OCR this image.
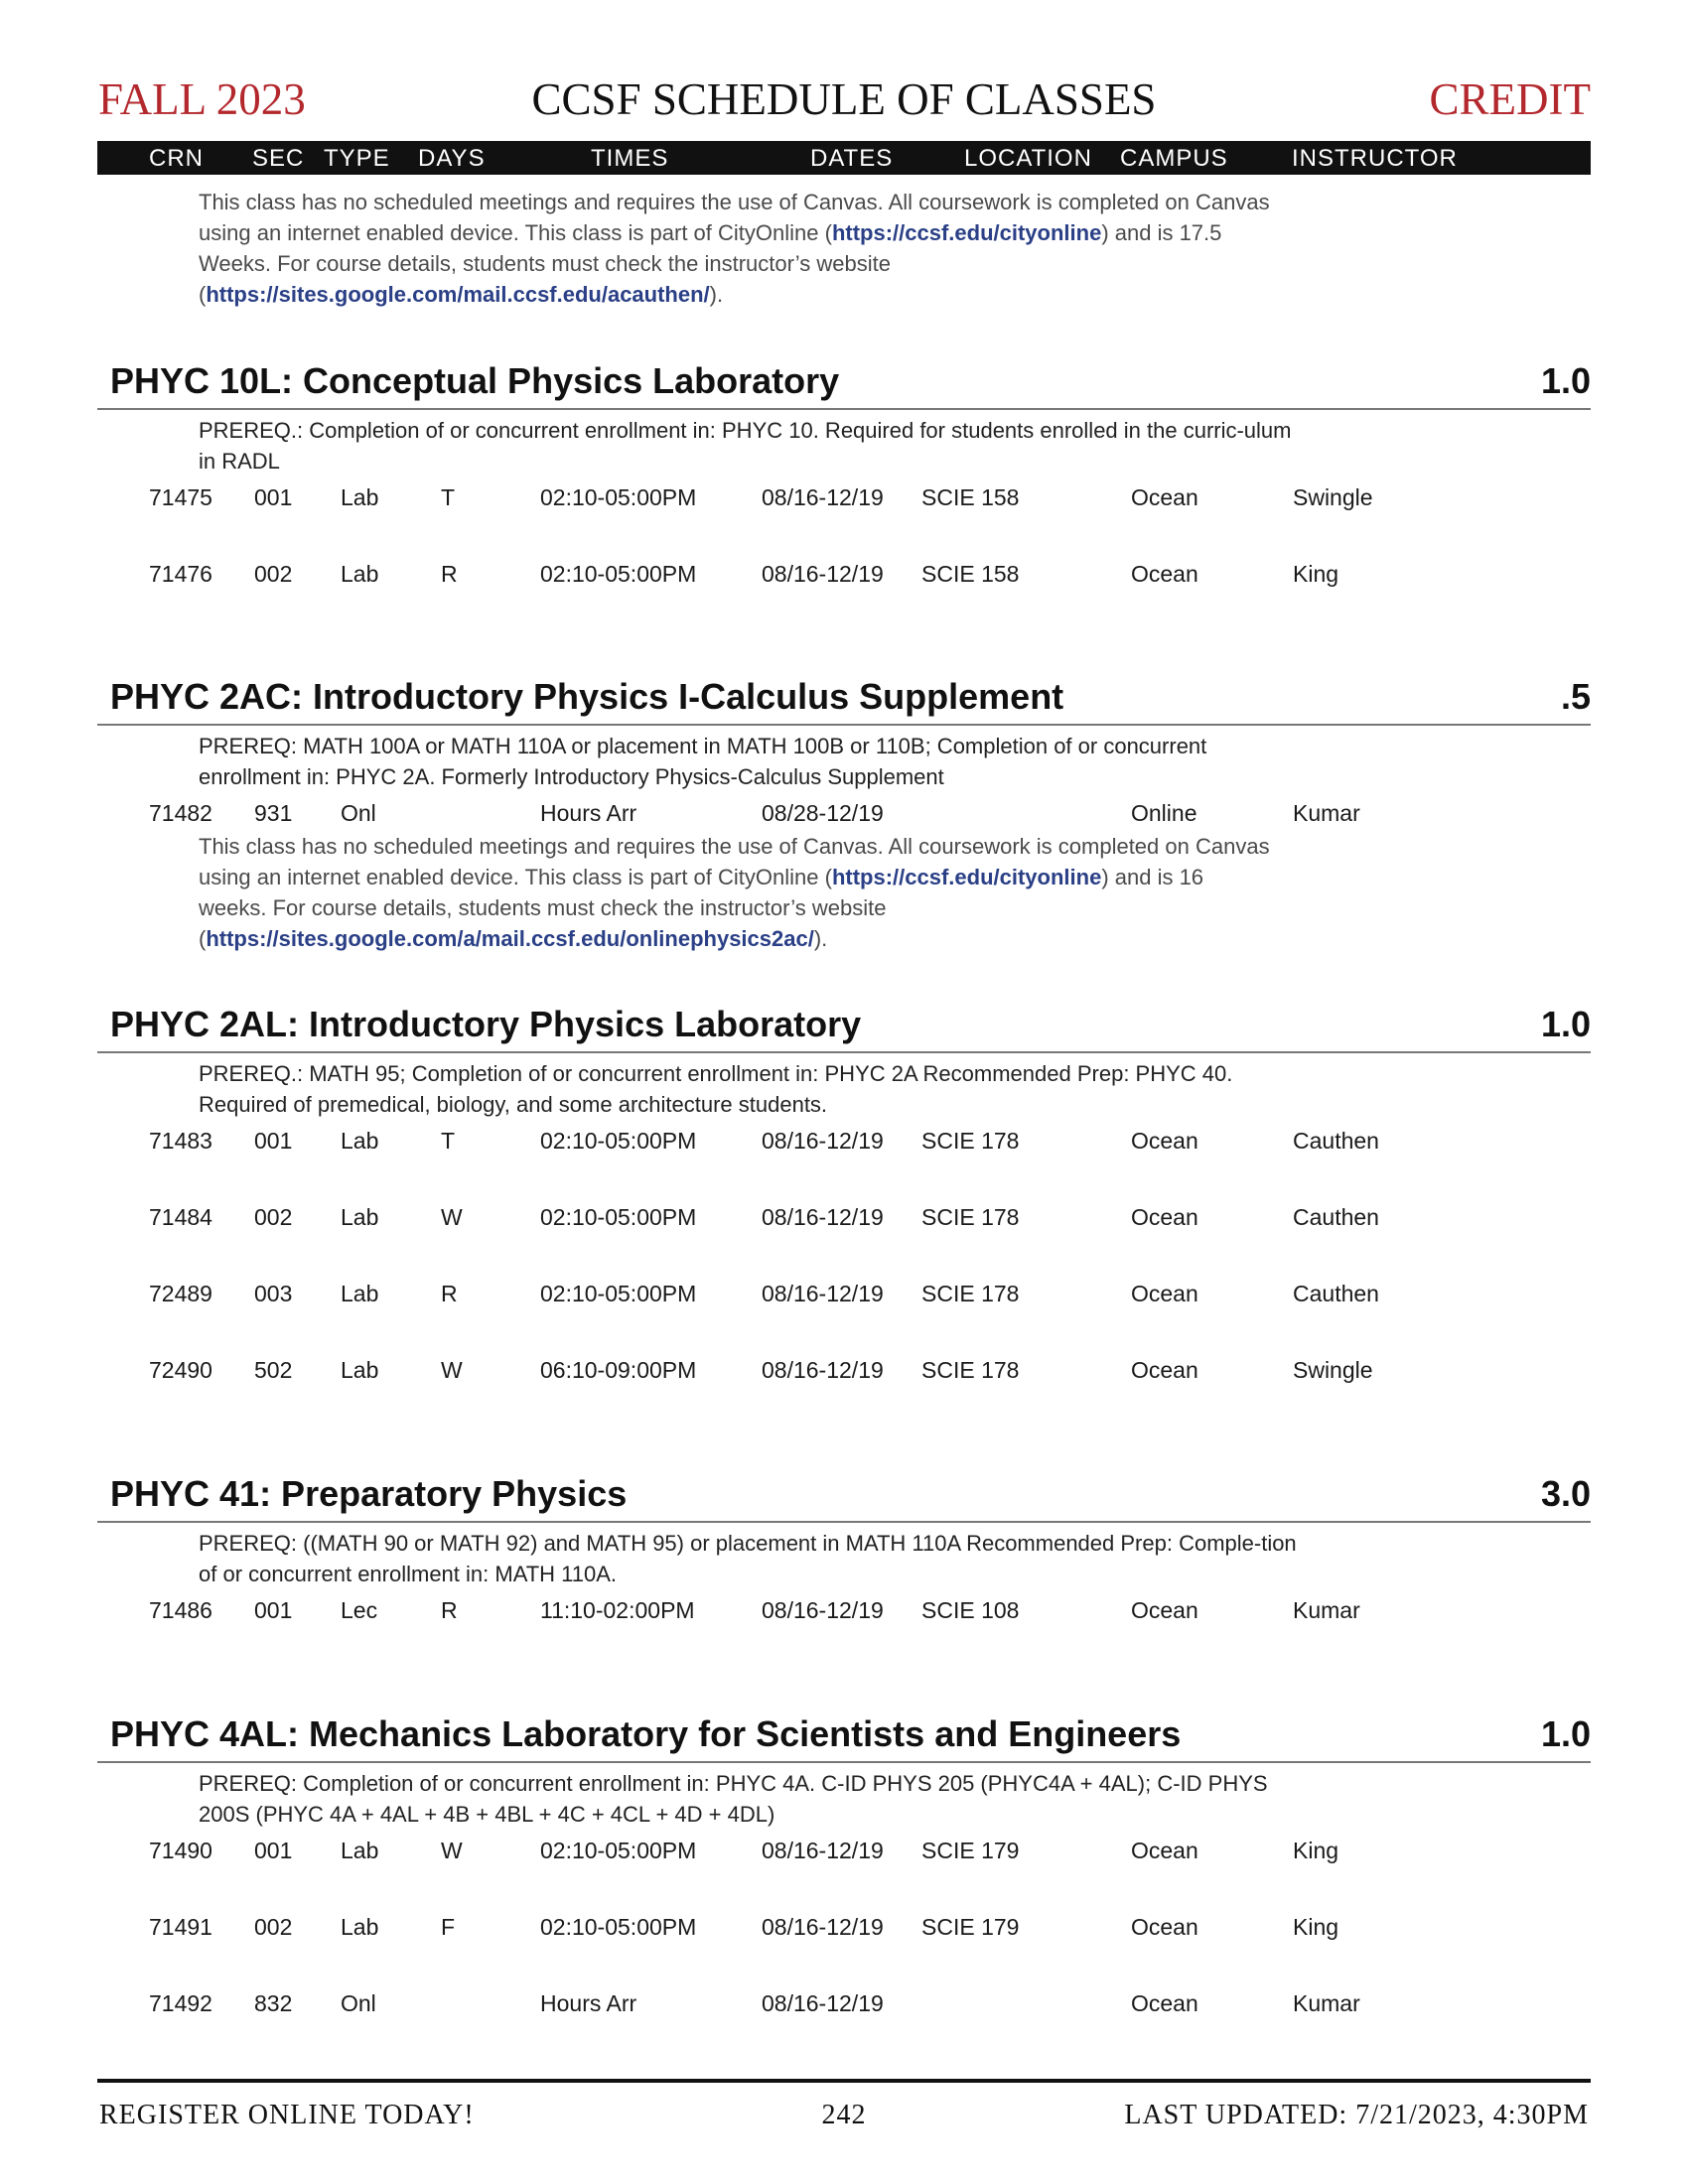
CCSF SCHEDULE OF CLASSES
FALL 2023	CREDIT
CRN SEC TYPE DAYS	TIMES	DATES	LOCATION CAMPUS	INSTRUCTOR
This class has no scheduled meetings and requires the use of Canvas. All coursework is completed on Canvas using an internet enabled device. This class is part of CityOnline (https://ccsf.edu/cityonline) and is 17.5 Weeks. For course details, students must check the instructor’s website (https://sites.google.com/mail.ccsf.edu/acauthen/).
PHYC 10L: Conceptual Physics Laboratory	1.0
PREREQ.: Completion of or concurrent enrollment in: PHYC 10. Required for students enrolled in the curric-ulum in RADL
71475 001 Lab	T	02:10-05:00PM	08/16-12/19 SCIE 158	Ocean	Swingle
71476 002 Lab	R	02:10-05:00PM	08/16-12/19 SCIE 158	Ocean	King
PHYC 2AC: Introductory Physics I-Calculus Supplement	.5
PREREQ: MATH 100A or MATH 110A or placement in MATH 100B or 110B; Completion of or concurrent enrollment in: PHYC 2A. Formerly Introductory Physics-Calculus Supplement
71482 931 Onl	Hours Arr	08/28-12/19	Online	Kumar
This class has no scheduled meetings and requires the use of Canvas. All coursework is completed on Canvas using an internet enabled device. This class is part of CityOnline (https://ccsf.edu/cityonline) and is 16 weeks. For course details, students must check the instructor’s website (https://sites.google.com/a/mail.ccsf.edu/onlinephysics2ac/).
PHYC 2AL: Introductory Physics Laboratory	1.0
PREREQ.: MATH 95; Completion of or concurrent enrollment in: PHYC 2A Recommended Prep: PHYC 40. Required of premedical, biology, and some architecture students.
71483 001 Lab	T	02:10-05:00PM	08/16-12/19 SCIE 178	Ocean	Cauthen
71484 002 Lab	W	02:10-05:00PM	08/16-12/19 SCIE 178	Ocean	Cauthen
72489 003 Lab	R	02:10-05:00PM	08/16-12/19 SCIE 178	Ocean	Cauthen
72490 502 Lab	W	06:10-09:00PM	08/16-12/19 SCIE 178	Ocean	Swingle
PHYC 41: Preparatory Physics	3.0
PREREQ: ((MATH 90 or MATH 92) and MATH 95) or placement in MATH 110A Recommended Prep: Comple-tion of or concurrent enrollment in: MATH 110A.
71486 001 Lec	R	11:10-02:00PM	08/16-12/19 SCIE 108	Ocean	Kumar
PHYC 4AL: Mechanics Laboratory for Scientists and Engineers	1.0
PREREQ: Completion of or concurrent enrollment in: PHYC 4A. C-ID PHYS 205 (PHYC4A + 4AL); C-ID PHYS 200S (PHYC 4A + 4AL + 4B + 4BL + 4C + 4CL + 4D + 4DL)
71490 001 Lab	W	02:10-05:00PM	08/16-12/19 SCIE 179	Ocean	King
71491 002 Lab	F	02:10-05:00PM	08/16-12/19 SCIE 179	Ocean	King
71492 832 Onl	Hours Arr	08/16-12/19	Ocean	Kumar
REGISTER ONLINE TODAY!	242	LAST UPDATED: 7/21/2023, 4:30PM
